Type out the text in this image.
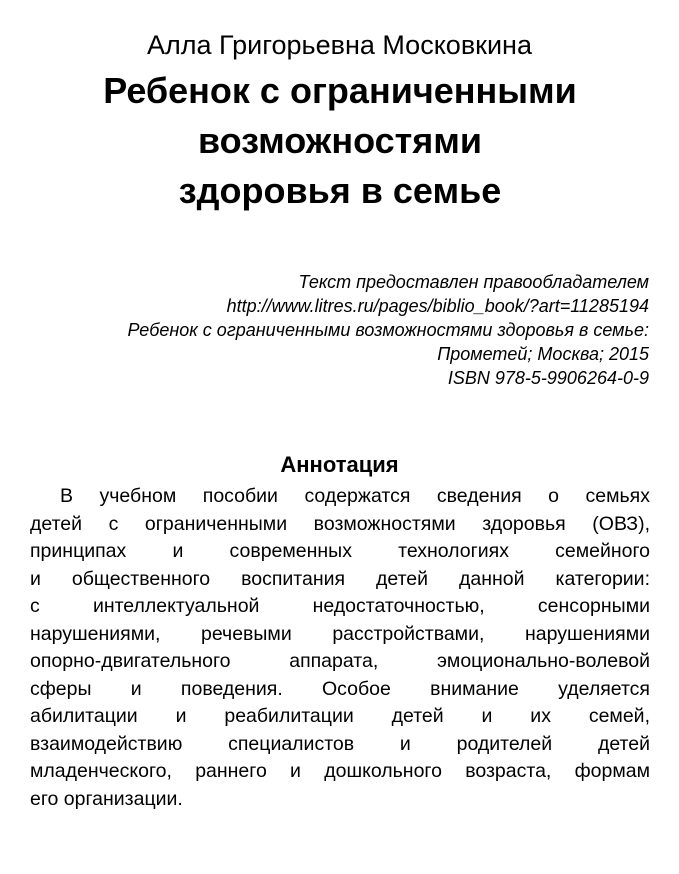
Алла Григорьевна Московкина
Ребенок с ограниченными
возможностями
здоровья в семье
Текст предоставлен правообладателем
http://www.litres.ru/pages/biblio_book/?art=11285194
Ребенок с ограниченными возможностями здоровья в семье:
Прометей; Москва; 2015
ISBN 978-5-9906264-0-9
Аннотация
В учебном пособии содержатся сведения о семьях
детей с ограниченными возможностями здоровья (ОВЗ),
принципах и современных технологиях семейного
и общественного воспитания детей данной категории:
с интеллектуальной недостаточностью, сенсорными
нарушениями, речевыми расстройствами, нарушениями
опорно-двигательного аппарата, эмоционально-волевой
сферы и поведения. Особое внимание уделяется
абилитации и реабилитации детей и их семей,
взаимодействию специалистов и родителей детей
младенческого, раннего и дошкольного возраста, формам
его организации.
